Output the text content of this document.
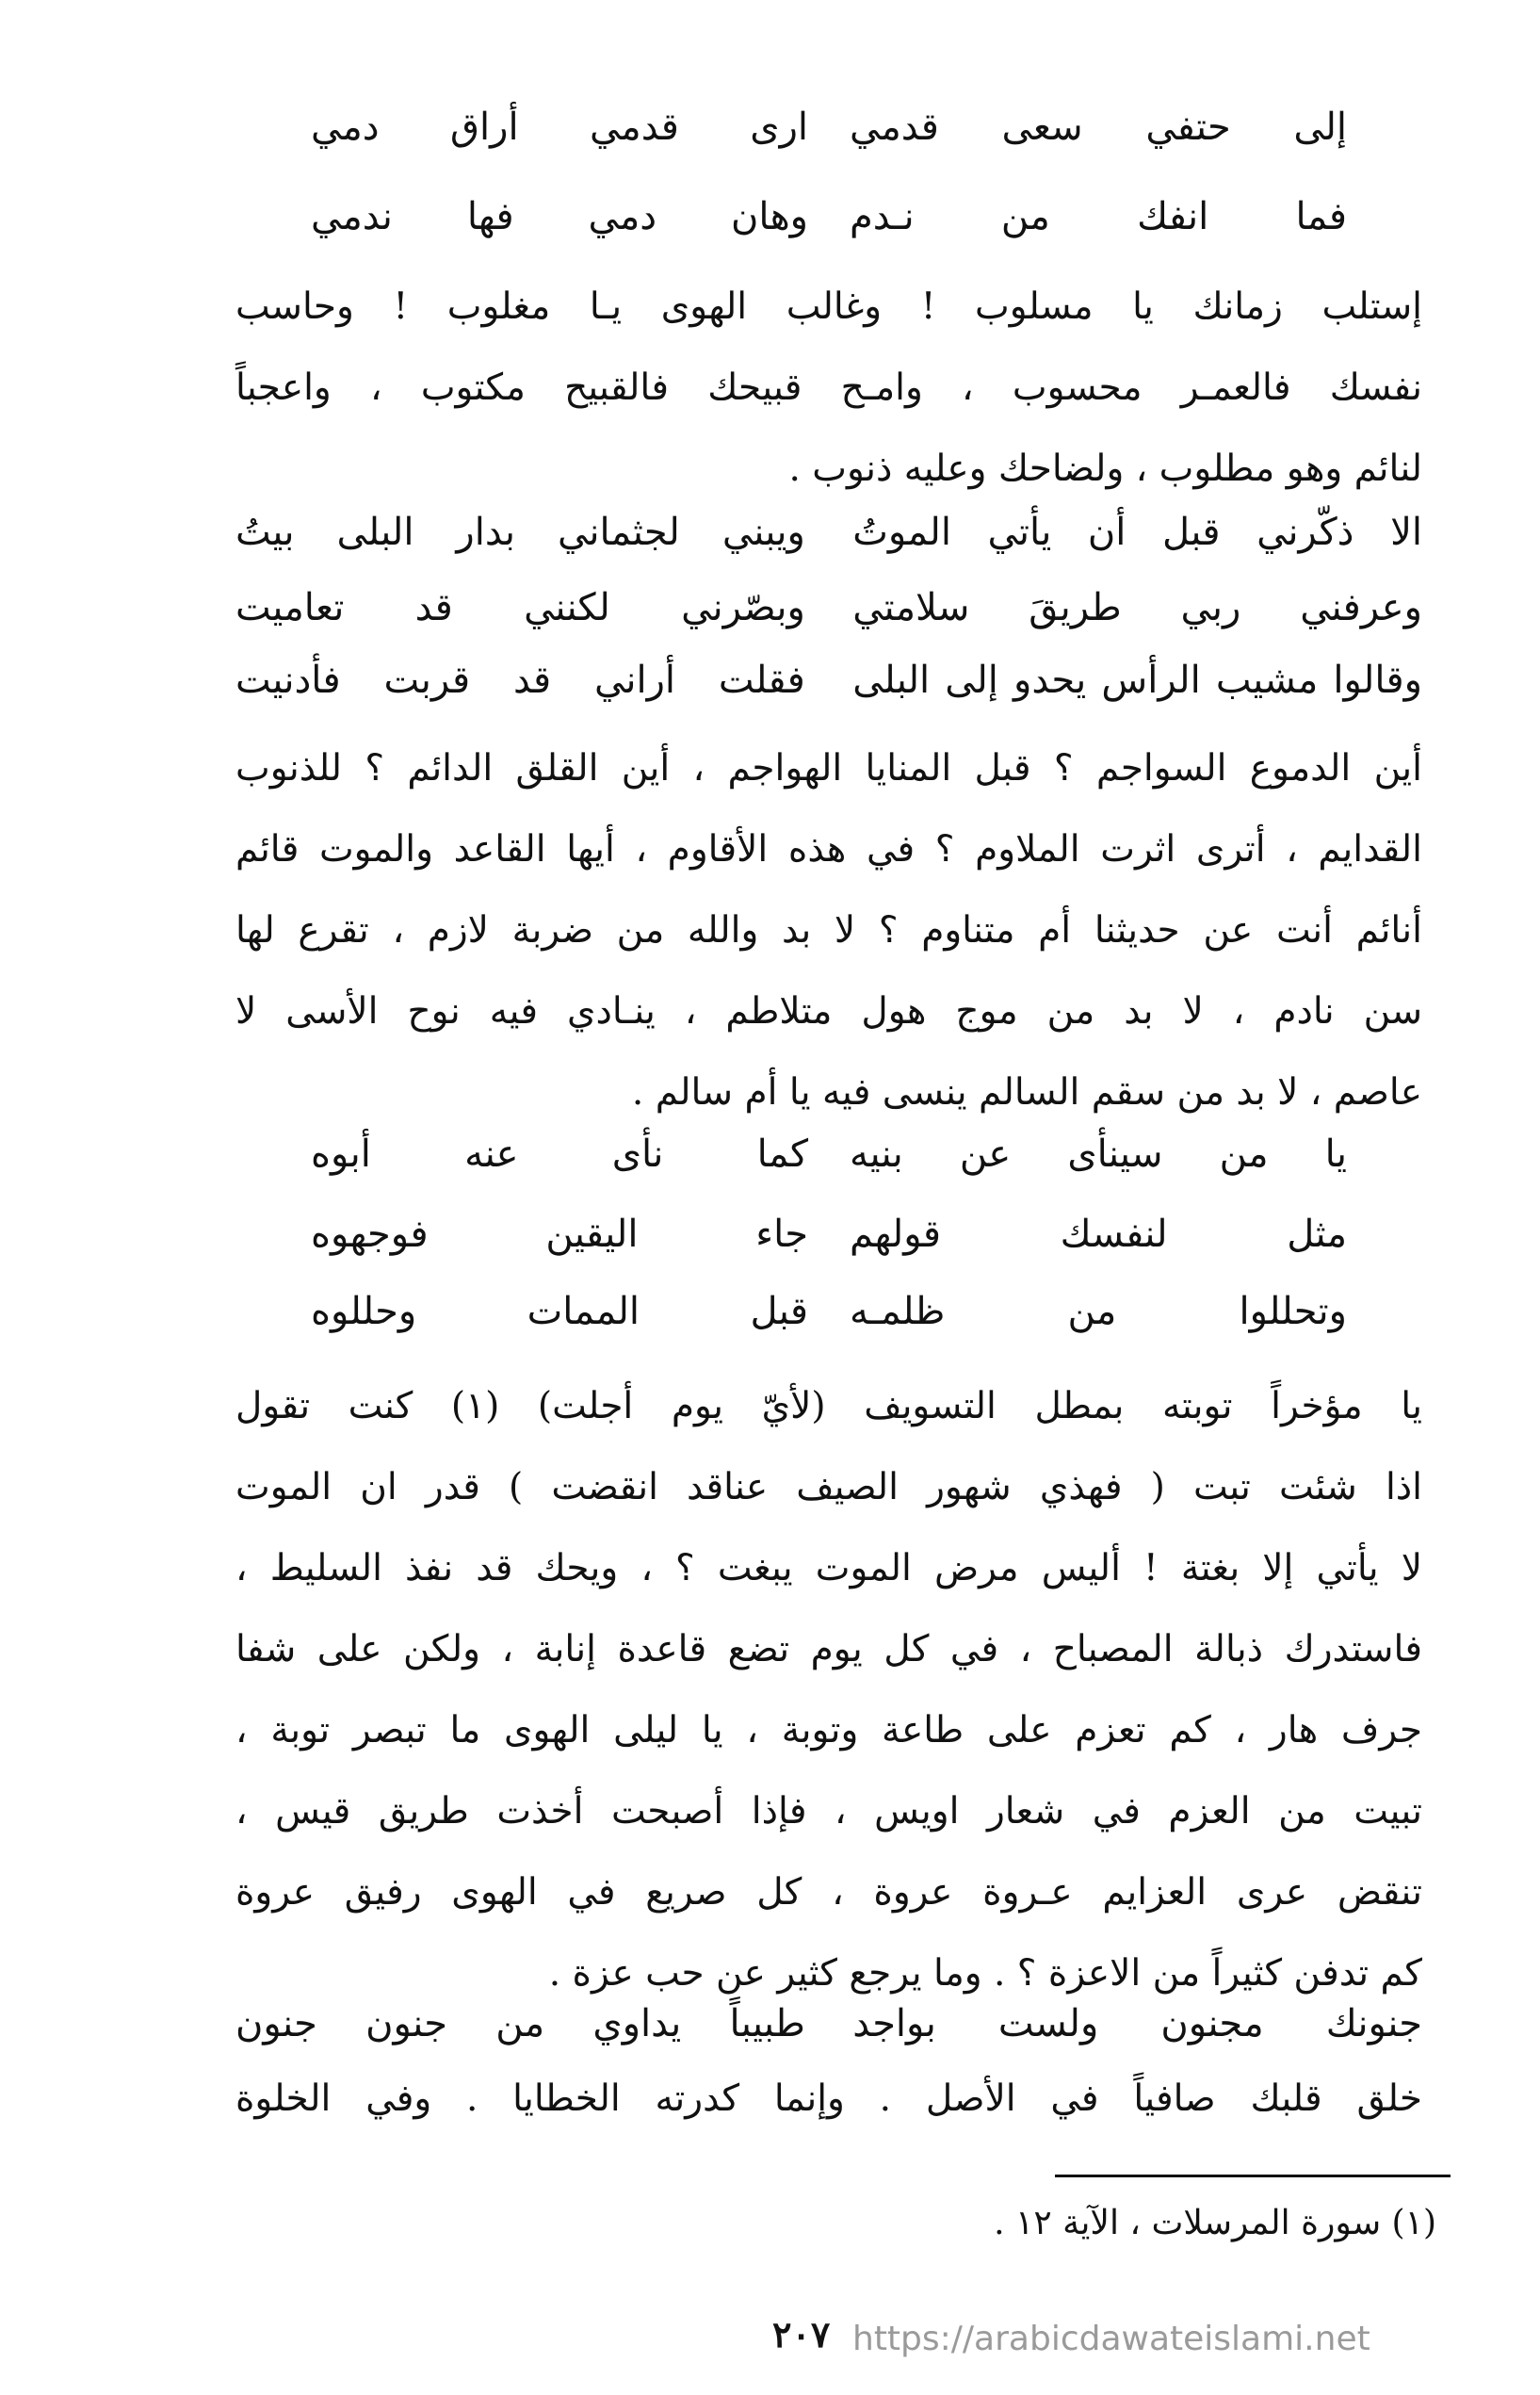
إلى حتفي سعى قدمي
ارى قدمي أراق دمي
فما انفك من نـدم
وهان دمي فها ندمي
إستلب زمانك يا مسلوب ! وغالب الهوى يـا مغلوب ! وحاسب
نفسك فالعمـر محسوب ، وامـح قبيحك فالقبيح مكتوب ، واعجباً
لنائم وهو مطلوب ، ولضاحك وعليه ذنوب .
الا ذكّرني قبل أن يأتي الموتُ
ويبني لجثماني بدار البلى بيتُ
وعرفني ربي طريقَ سلامتي
وبصّرني لكنني قد تعاميت
وقالوا مشيب الرأس يحدو إلى البلى
فقلت أراني قد قربت فأدنيت
أين الدموع السواجم ؟ قبل المنايا الهواجم ، أين القلق الدائم ؟ للذنوب
القدايم ، أترى اثرت الملاوم ؟ في هذه الأقاوم ، أيها القاعد والموت قائم
أنائم أنت عن حديثنا أم متناوم ؟ لا بد والله من ضربة لازم ، تقرع لها
سن نادم ، لا بد من موج هول متلاطم ، ينـادي فيه نوح الأسى لا
عاصم ، لا بد من سقم السالم ينسى فيه يا أم سالم .
يا من سينأى عن بنيه
كما نأى عنه أبوه
مثل لنفسك قولهم
جاء اليقين فوجهوه
وتحللوا من ظلمـه
قبل الممات وحللوه
يا مؤخراً توبته بمطل التسويف (لأيّ يوم أجلت) (١) كنت تقول
اذا شئت تبت ( فهذي شهور الصيف عناقد انقضت ) قدر ان الموت
لا يأتي إلا بغتة ! أليس مرض الموت يبغت ؟ ، ويحك قد نفذ السليط ،
فاستدرك ذبالة المصباح ، في كل يوم تضع قاعدة إنابة ، ولكن على شفا
جرف هار ، كم تعزم على طاعة وتوبة ، يا ليلى الهوى ما تبصر توبة ،
تبيت من العزم في شعار اويس ، فإذا أصبحت أخذت طريق قيس ،
تنقض عرى العزايم عـروة عروة ، كل صريع في الهوى رفيق عروة
كم تدفن كثيراً من الاعزة ؟ . وما يرجع كثير عن حب عزة .
جنونك مجنون ولست بواجد
طبيباً يداوي من جنون جنون
خلق قلبك صافياً في الأصل . وإنما كدرته الخطايا . وفي الخلوة
(١) سورة المرسلات ، الآية ١٢ .
٢٠٧ https://arabicdawateislami.net
